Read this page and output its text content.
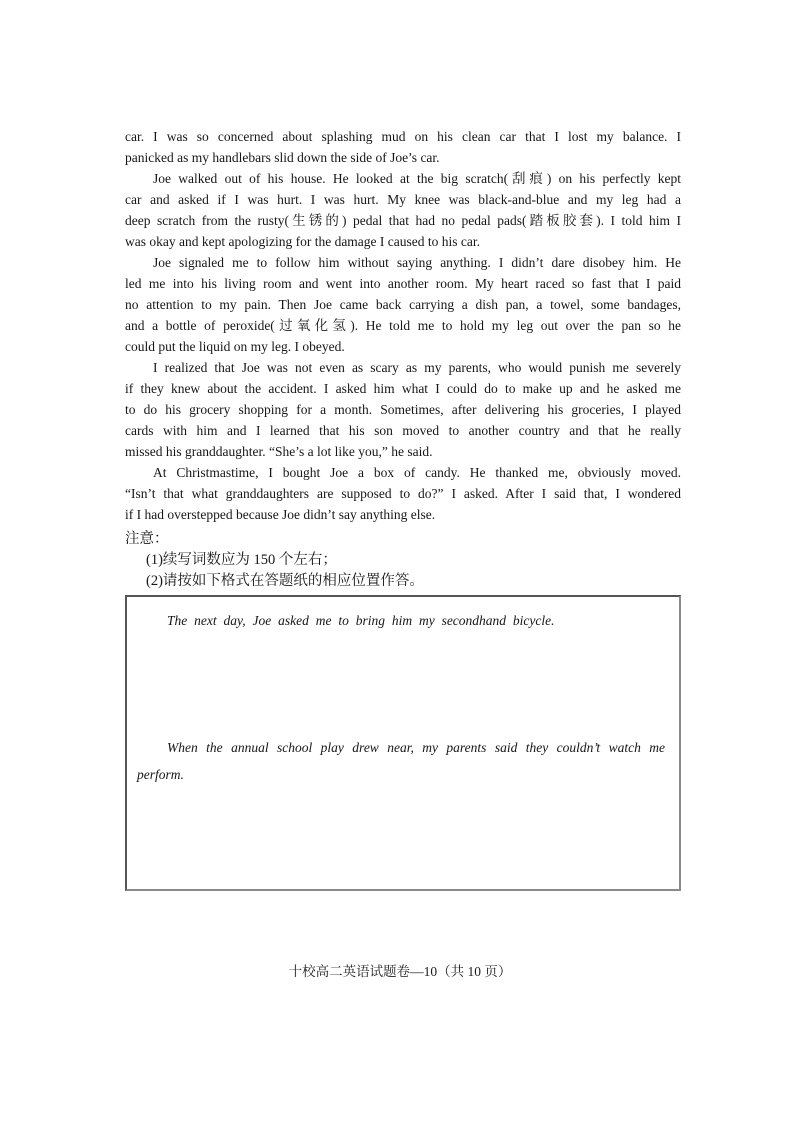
car. I was so concerned about splashing mud on his clean car that I lost my balance. I
panicked as my handlebars slid down the side of Joe’s car.
Joe walked out of his house. He looked at the big scratch(刮痕) on his perfectly kept
car and asked if I was hurt. I was hurt. My knee was black-and-blue and my leg had a
deep scratch from the rusty(生锈的) pedal that had no pedal pads(踏板胶套). I told him I
was okay and kept apologizing for the damage I caused to his car.
Joe signaled me to follow him without saying anything. I didn’t dare disobey him. He
led me into his living room and went into another room. My heart raced so fast that I paid
no attention to my pain. Then Joe came back carrying a dish pan, a towel, some bandages,
and a bottle of peroxide(过氧化氢). He told me to hold my leg out over the pan so he
could put the liquid on my leg. I obeyed.
I realized that Joe was not even as scary as my parents, who would punish me severely
if they knew about the accident. I asked him what I could do to make up and he asked me
to do his grocery shopping for a month. Sometimes, after delivering his groceries, I played
cards with him and I learned that his son moved to another country and that he really
missed his granddaughter. “She’s a lot like you,” he said.
At Christmastime, I bought Joe a box of candy. He thanked me, obviously moved.
“Isn’t that what granddaughters are supposed to do?” I asked. After I said that, I wondered
if I had overstepped because Joe didn’t say anything else.
注意：
(1)续写词数应为 150 个左右；
(2)请按如下格式在答题纸的相应位置作答。
The next day, Joe asked me to bring him my secondhand bicycle.
When the annual school play drew near, my parents said they couldn’t watch me
perform.
十校高二英语试题卷—10（共 10 页）
